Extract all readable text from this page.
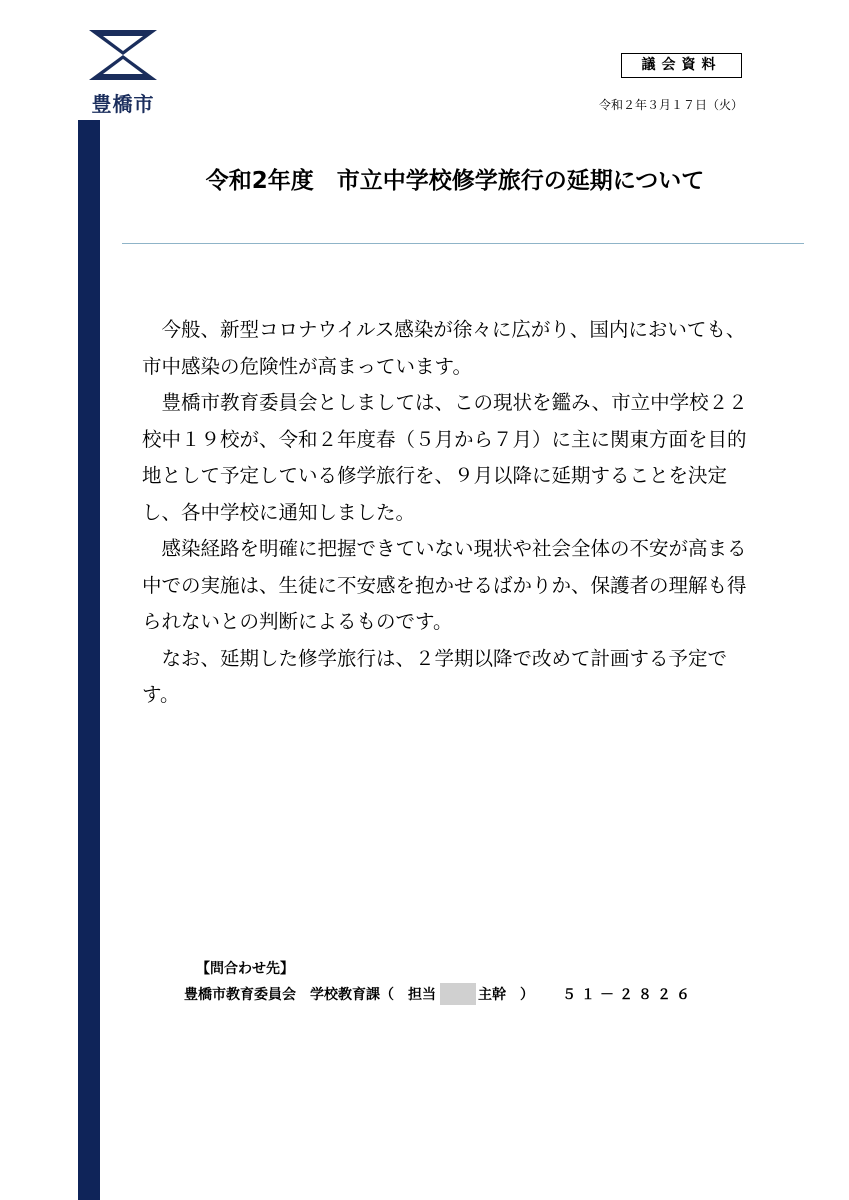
豊橋市
議会資料
令和２年３月１７日（火）
令和2年度　市立中学校修学旅行の延期について

今般、新型コロナウイルス感染が徐々に広がり、国内においても、市中感染の危険性が高まっています。

豊橋市教育委員会としましては、この現状を鑑み、市立中学校２２校中１９校が、令和２年度春（５月から７月）に主に関東方面を目的地として予定している修学旅行を、９月以降に延期することを決定し、各中学校に通知しました。

感染経路を明確に把握できていない現状や社会全体の不安が高まる中での実施は、生徒に不安感を抱かせるばかりか、保護者の理解も得られないとの判断によるものです。

なお、延期した修学旅行は、２学期以降で改めて計画する予定です。

【問合わせ先】
豊橋市教育委員会　学校教育課（　担当	主幹　） ５１－２８２６
